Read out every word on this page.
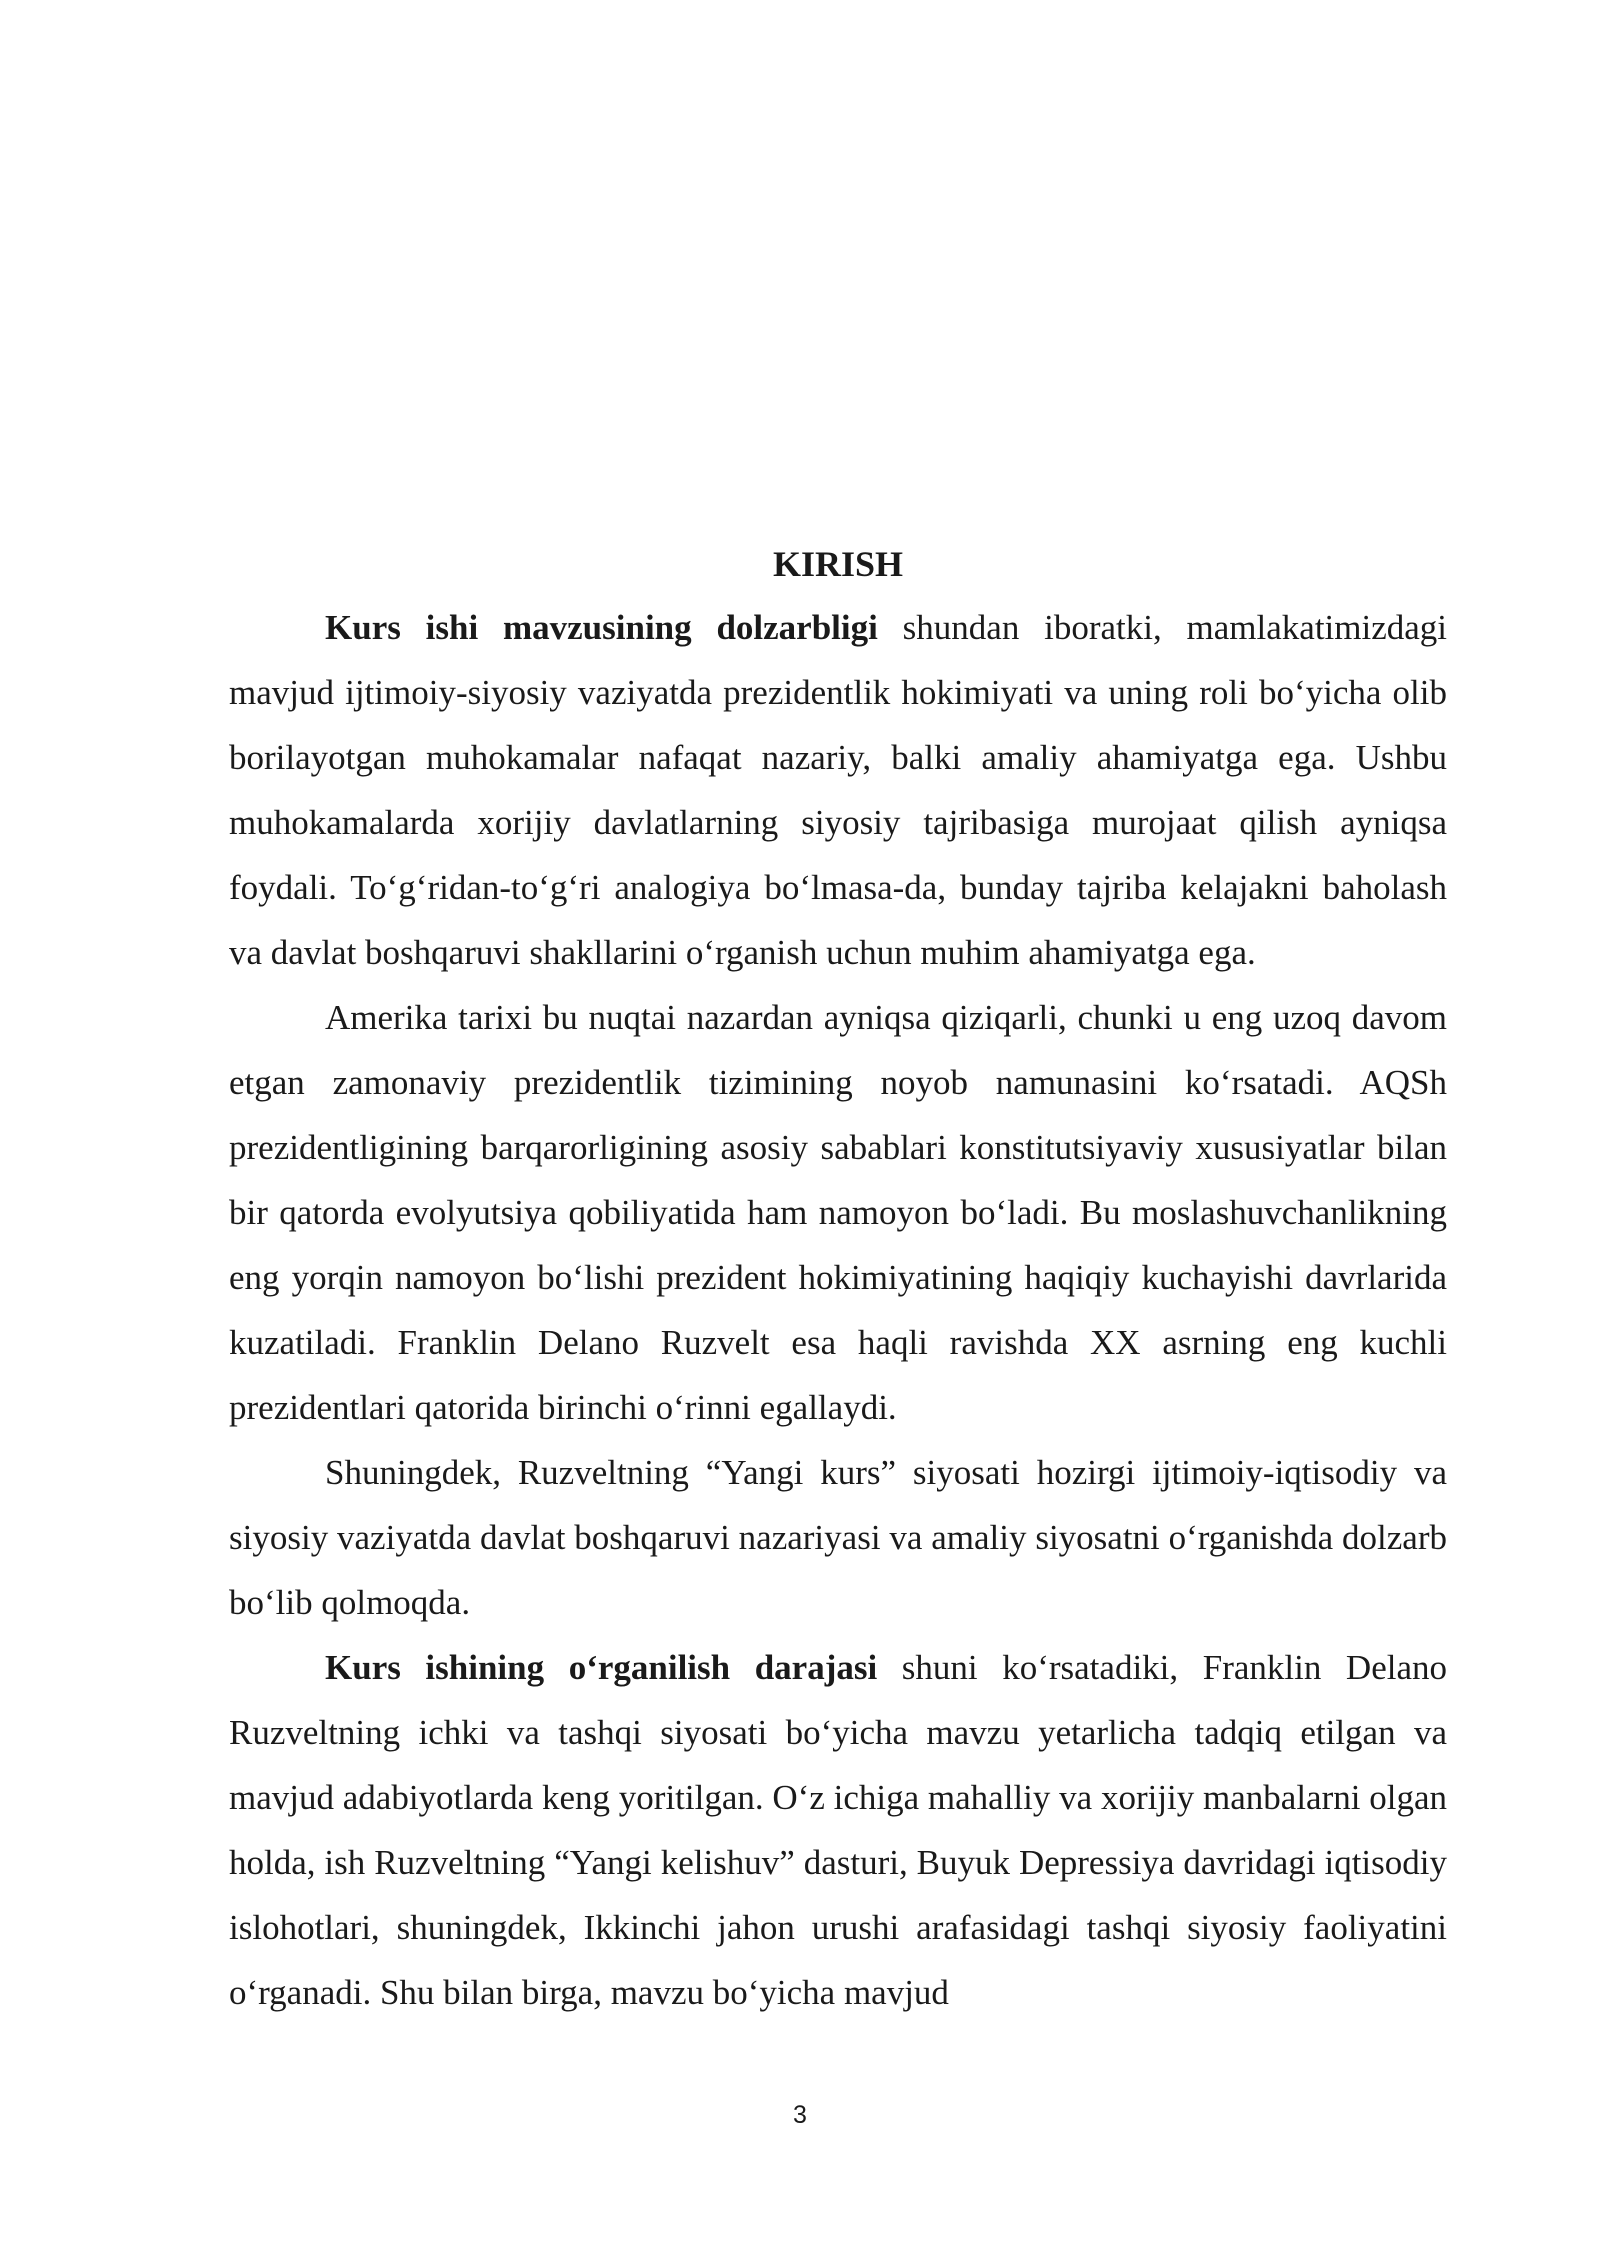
KIRISH

Kurs ishi mavzusining dolzarbligi shundan iboratki, mamlakatimizdagi mavjud ijtimoiy-siyosiy vaziyatda prezidentlik hokimiyati va uning roli bo‘yicha olib borilayotgan muhokamalar nafaqat nazariy, balki amaliy ahamiyatga ega. Ushbu muhokamalarda xorijiy davlatlarning siyosiy tajribasiga murojaat qilish ayniqsa foydali. To‘g‘ridan-to‘g‘ri analogiya bo‘lmasa-da, bunday tajriba kelajakni baholash va davlat boshqaruvi shakllarini o‘rganish uchun muhim ahamiyatga ega.

Amerika tarixi bu nuqtai nazardan ayniqsa qiziqarli, chunki u eng uzoq davom etgan zamonaviy prezidentlik tizimining noyob namunasini ko‘rsatadi. AQSh prezidentligining barqarorligining asosiy sabablari konstitutsiyaviy xususiyatlar bilan bir qatorda evolyutsiya qobiliyatida ham namoyon bo‘ladi. Bu moslashuvchanlikning eng yorqin namoyon bo‘lishi prezident hokimiyatining haqiqiy kuchayishi davrlarida kuzatiladi. Franklin Delano Ruzvelt esa haqli ravishda XX asrning eng kuchli prezidentlari qatorida birinchi o‘rinni egallaydi.

Shuningdek, Ruzveltning “Yangi kurs” siyosati hozirgi ijtimoiy-iqtisodiy va siyosiy vaziyatda davlat boshqaruvi nazariyasi va amaliy siyosatni o‘rganishda dolzarb bo‘lib qolmoqda.

Kurs ishining o‘rganilish darajasi shuni ko‘rsatadiki, Franklin Delano Ruzveltning ichki va tashqi siyosati bo‘yicha mavzu yetarlicha tadqiq etilgan va mavjud adabiyotlarda keng yoritilgan. O‘z ichiga mahalliy va xorijiy manbalarni olgan holda, ish Ruzveltning “Yangi kelishuv” dasturi, Buyuk Depressiya davridagi iqtisodiy islohotlari, shuningdek, Ikkinchi jahon urushi arafasidagi tashqi siyosiy faoliyatini o‘rganadi. Shu bilan birga, mavzu bo‘yicha mavjud

3
